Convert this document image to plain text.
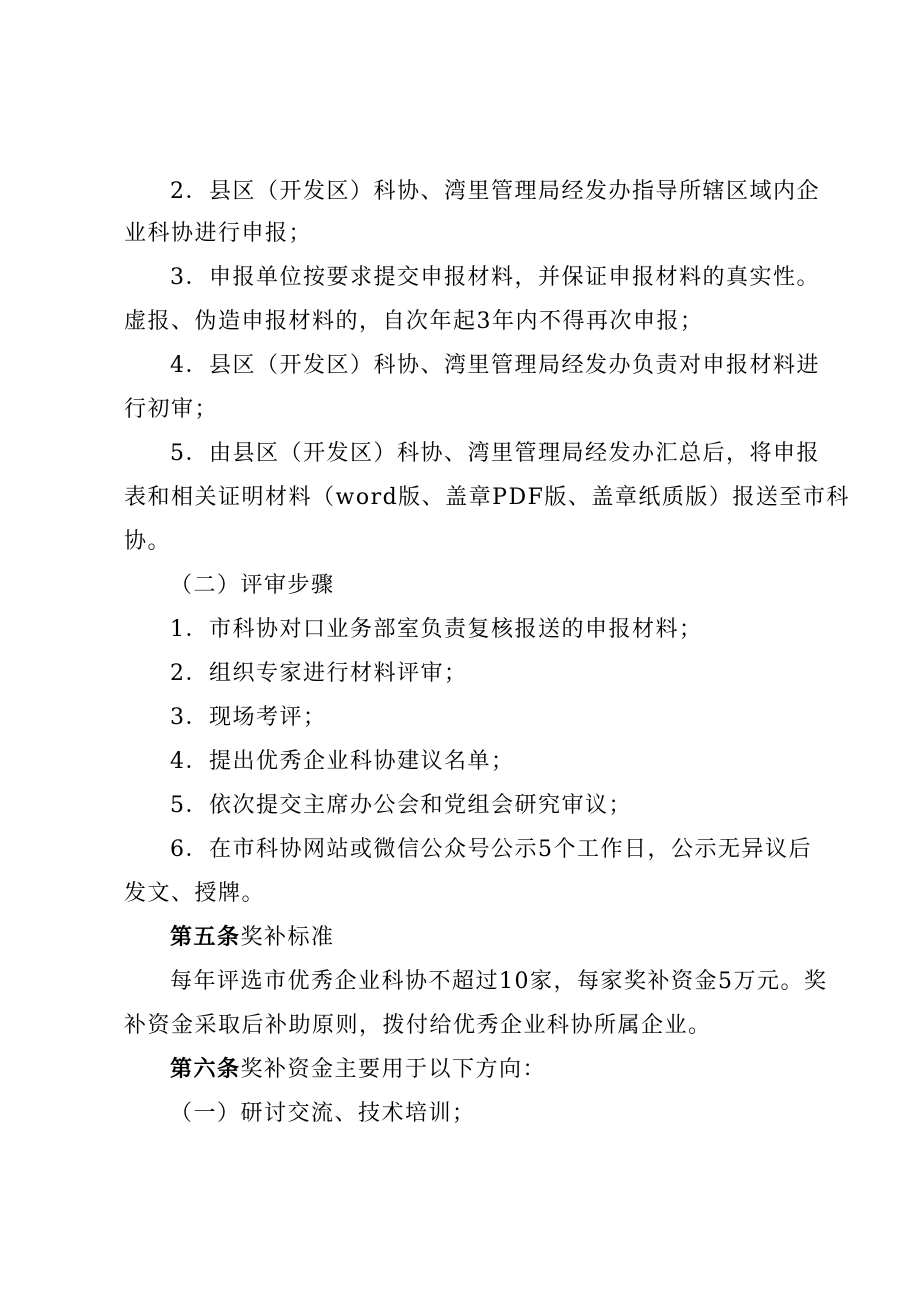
2．县区（开发区）科协、湾里管理局经发办指导所辖区域内企
业科协进行申报；
3．申报单位按要求提交申报材料，并保证申报材料的真实性。
虚报、伪造申报材料的，自次年起3年内不得再次申报；
4．县区（开发区）科协、湾里管理局经发办负责对申报材料进
行初审；
5．由县区（开发区）科协、湾里管理局经发办汇总后，将申报
表和相关证明材料（word版、盖章PDF版、盖章纸质版）报送至市科
协。
（二）评审步骤
1．市科协对口业务部室负责复核报送的申报材料；
2．组织专家进行材料评审；
3．现场考评；
4．提出优秀企业科协建议名单；
5．依次提交主席办公会和党组会研究审议；
6．在市科协网站或微信公众号公示5个工作日，公示无异议后
发文、授牌。
第五条奖补标准
每年评选市优秀企业科协不超过10家，每家奖补资金5万元。奖
补资金采取后补助原则，拨付给优秀企业科协所属企业。
第六条奖补资金主要用于以下方向：
（一）研讨交流、技术培训；
